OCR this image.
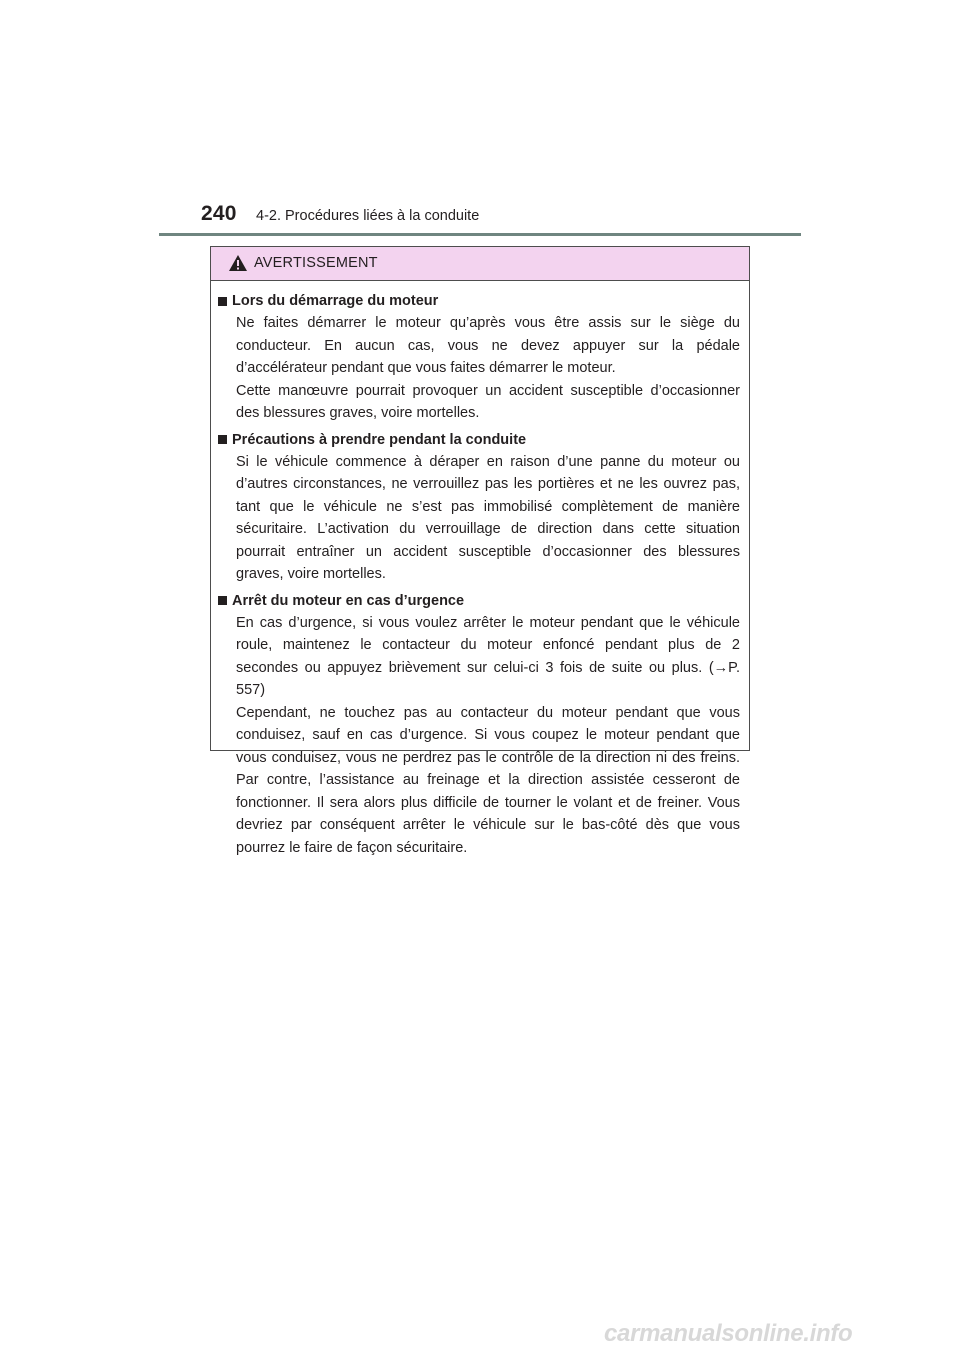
240 4-2. Procédures liées à la conduite
AVERTISSEMENT
Lors du démarrage du moteur

Ne faites démarrer le moteur qu’après vous être assis sur le siège du conducteur. En aucun cas, vous ne devez appuyer sur la pédale d’accélérateur pendant que vous faites démarrer le moteur.

Cette manœuvre pourrait provoquer un accident susceptible d’occasionner des blessures graves, voire mortelles.

Précautions à prendre pendant la conduite

Si le véhicule commence à déraper en raison d’une panne du moteur ou d’autres circonstances, ne verrouillez pas les portières et ne les ouvrez pas, tant que le véhicule ne s’est pas immobilisé complètement de manière sécuritaire. L’activation du verrouillage de direction dans cette situation pourrait entraîner un accident susceptible d’occasionner des blessures graves, voire mortelles.

Arrêt du moteur en cas d’urgence

En cas d’urgence, si vous voulez arrêter le moteur pendant que le véhicule roule, maintenez le contacteur du moteur enfoncé pendant plus de 2 secondes ou appuyez brièvement sur celui-ci 3 fois de suite ou plus. (→P. 557)

Cependant, ne touchez pas au contacteur du moteur pendant que vous conduisez, sauf en cas d’urgence. Si vous coupez le moteur pendant que vous conduisez, vous ne perdrez pas le contrôle de la direction ni des freins. Par contre, l’assistance au freinage et la direction assistée cesseront de fonctionner. Il sera alors plus difficile de tourner le volant et de freiner. Vous devriez par conséquent arrêter le véhicule sur le bas-côté dès que vous pourrez le faire de façon sécuritaire.

carmanualsonline.info
